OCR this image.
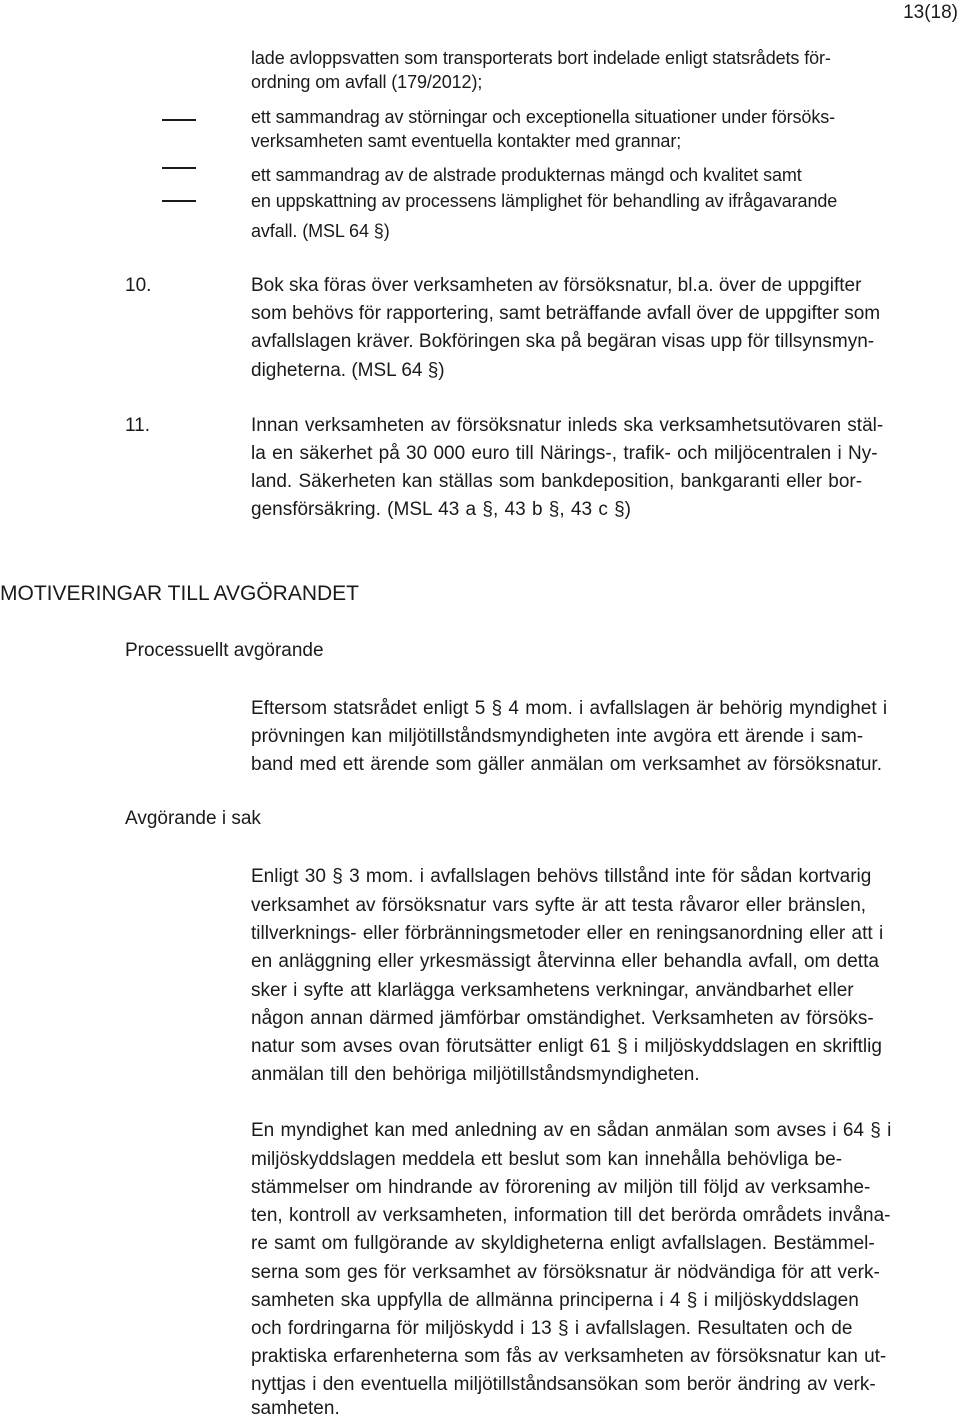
13(18)

lade avloppsvatten som transporterats bort indelade enligt statsrådets för-

ordning om avfall (179/2012);

ett sammandrag av störningar och exceptionella situationer under försöks-

verksamheten samt eventuella kontakter med grannar;

ett sammandrag av de alstrade produkternas mängd och kvalitet samt

en uppskattning av processens lämplighet för behandling av ifrågavarande

avfall. (MSL 64 §)

10.	Bok ska föras över verksamheten av försöksnatur, bl.a. över de uppgifter

som behövs för rapportering, samt beträffande avfall över de uppgifter som

avfallslagen kräver. Bokföringen ska på begäran visas upp för tillsynsmyn-

digheterna. (MSL 64 §)

11.	Innan verksamheten av försöksnatur inleds ska verksamhetsutövaren stäl-

la en säkerhet på 30 000 euro till Närings-, trafik- och miljöcentralen i Ny-

land. Säkerheten kan ställas som bankdeposition, bankgaranti eller bor-

gensförsäkring. (MSL 43 a §, 43 b §, 43 c §)

MOTIVERINGAR TILL AVGÖRANDET
Processuellt avgörande

Eftersom statsrådet enligt 5 § 4 mom. i avfallslagen är behörig myndighet i

prövningen kan miljötillståndsmyndigheten inte avgöra ett ärende i sam-

band med ett ärende som gäller anmälan om verksamhet av försöksnatur.

Avgörande i sak

Enligt 30 § 3 mom. i avfallslagen behövs tillstånd inte för sådan kortvarig

verksamhet av försöksnatur vars syfte är att testa råvaror eller bränslen,

tillverknings- eller förbränningsmetoder eller en reningsanordning eller att i

en anläggning eller yrkesmässigt återvinna eller behandla avfall, om detta

sker i syfte att klarlägga verksamhetens verkningar, användbarhet eller

någon annan därmed jämförbar omständighet. Verksamheten av försöks-

natur som avses ovan förutsätter enligt 61 § i miljöskyddslagen en skriftlig

anmälan till den behöriga miljötillståndsmyndigheten.

En myndighet kan med anledning av en sådan anmälan som avses i 64 § i

miljöskyddslagen meddela ett beslut som kan innehålla behövliga be-

stämmelser om hindrande av förorening av miljön till följd av verksamhe-

ten, kontroll av verksamheten, information till det berörda områdets invåna-

re samt om fullgörande av skyldigheterna enligt avfallslagen. Bestämmel-

serna som ges för verksamhet av försöksnatur är nödvändiga för att verk-

samheten ska uppfylla de allmänna principerna i 4 § i miljöskyddslagen

och fordringarna för miljöskydd i 13 § i avfallslagen. Resultaten och de

praktiska erfarenheterna som fås av verksamheten av försöksnatur kan ut-

nyttjas i den eventuella miljötillståndsansökan som berör ändring av verk-

samheten.
